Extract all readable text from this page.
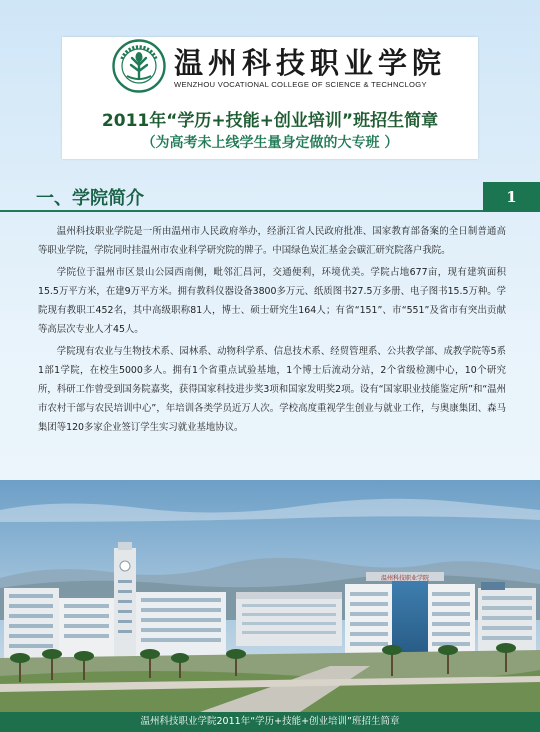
温州科技职业学院
WENZHOU VOCATIONAL COLLEGE OF SCIENCE & TECHNCLOGY
2011年“学历+技能+创业培训”班招生简章
（为高考未上线学生量身定做的大专班 ）
一、学院简介	1

温州科技职业学院是一所由温州市人民政府举办，经浙江省人民政府批准、国家教育部备案的全日制普通高等职业学院，学院同时挂温州市农业科学研究院的牌子。中国绿色炭汇基金会碳汇研究院落户我院。

学院位于温州市区景山公园西南侧，毗邻汇昌河，交通便利，环境优美。学院占地677亩，现有建筑面积15.5万平方米，在建9万平方米。拥有教科仪器设备3800多万元、纸质图书27.5万多册、电子图书15.5万种。学院现有教职工452名，其中高级职称81人，博士、硕士研究生164人；有省“151”、市“551”及省市有突出贡献等高层次专业人才45人。

学院现有农业与生物技术系、园林系、动物科学系、信息技术系、经贸管理系、公共教学部、成教学院等5系1部1学院，在校生5000多人。拥有1个省重点试验基地，1个博士后流动分站，2个省级检测中心，10个研究所，科研工作曾受到国务院嘉奖，获得国家科技进步奖3项和国家发明奖2项。设有“国家职业技能鉴定所”和“温州市农村干部与农民培训中心”，年培训各类学员近万人次。学校高度重视学生创业与就业工作，与奥康集团、森马集团等120多家企业签订学生实习就业基地协议。

温州科技职业学院
温州科技职业学院2011年“学历+技能+创业培训”班招生简章
